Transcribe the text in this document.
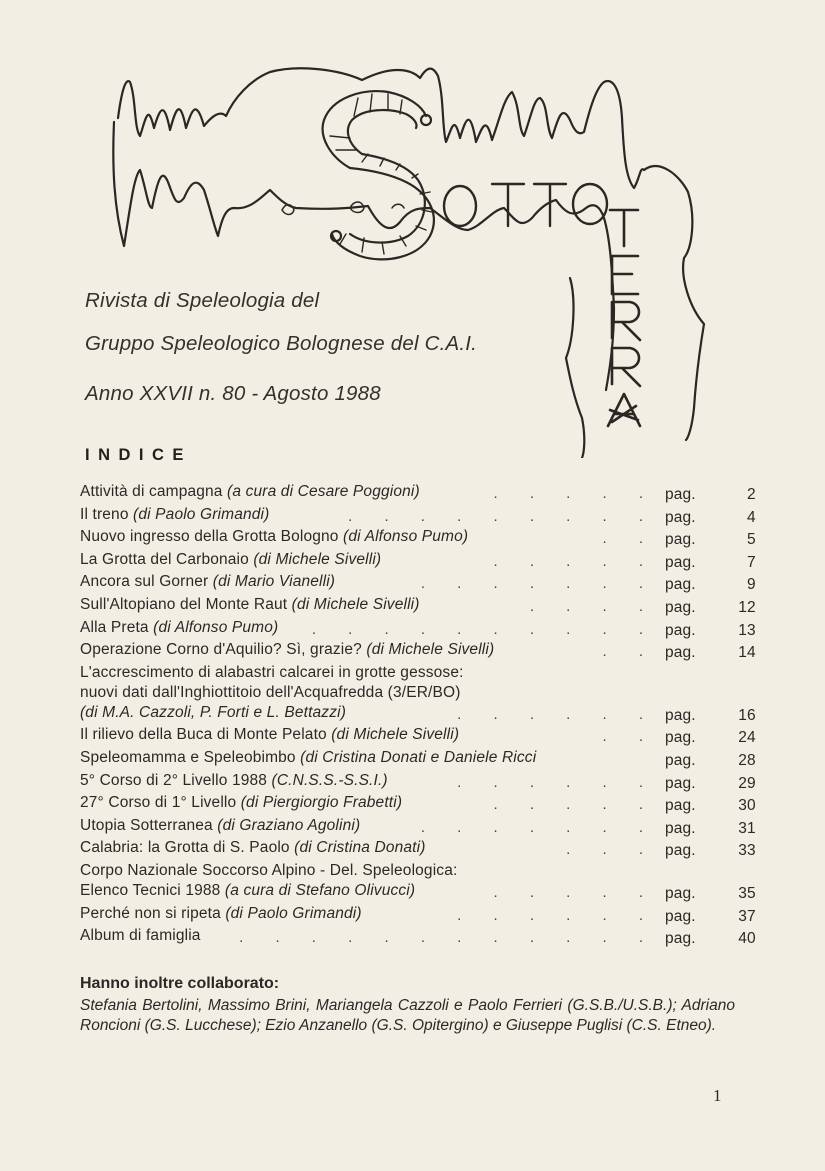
Rivista di Speleologia del
Gruppo Speleologico Bolognese del C.A.I.
Anno XXVII n. 80 - Agosto 1988
INDICE
. . . . .
Attività di campagna (a cura di Cesare Poggioni)	pag.	2
. . . . . . . . .
Il treno (di Paolo Grimandi)	pag.	4
. .
Nuovo ingresso della Grotta Bologno (di Alfonso Pumo)	pag.	5
. . . . .
La Grotta del Carbonaio (di Michele Sivelli)	pag.	7
. . . . . . .
Ancora sul Gorner (di Mario Vianelli)	pag.	9
. . . .
Sull'Altopiano del Monte Raut (di Michele Sivelli)	pag.	12
. . . . . . . . . .
Alla Preta (di Alfonso Pumo)	pag.	13
. .
Operazione Corno d'Aquilio? Sì, grazie? (di Michele Sivelli)	pag.	14
L'accrescimento di alabastri calcarei in grotte gessose:
nuovi dati dall'Inghiottitoio dell'Acquafredda (3/ER/BO)
. . . . . .
(di M.A. Cazzoli, P. Forti e L. Bettazzi)	pag.	16
. .
Il rilievo della Buca di Monte Pelato (di Michele Sivelli)	pag.	24
Speleomamma e Speleobimbo (di Cristina Donati e Daniele Ricci	pag.	28
. . . . . .
5° Corso di 2° Livello 1988 (C.N.S.S.-S.S.I.)	pag.	29
. . . . .
27° Corso di 1° Livello (di Piergiorgio Frabetti)	pag.	30
. . . . . . .
Utopia Sotterranea (di Graziano Agolini)	pag.	31
. . .
Calabria: la Grotta di S. Paolo (di Cristina Donati)	pag.	33
Corpo Nazionale Soccorso Alpino - Del. Speleologica:
. . . . .
Elenco Tecnici 1988 (a cura di Stefano Olivucci)	pag.	35
. . . . . .
Perché non si ripeta (di Paolo Grimandi)	pag.	37
. . . . . . . . . . . .
Album di famiglia	pag.	40
Hanno inoltre collaborato:
Stefania Bertolini, Massimo Brini, Mariangela Cazzoli e Paolo Ferrieri (G.S.B./U.S.B.); Adriano Roncioni (G.S. Lucchese); Ezio Anzanello (G.S. Opitergino) e Giuseppe Puglisi (C.S. Etneo).
1
